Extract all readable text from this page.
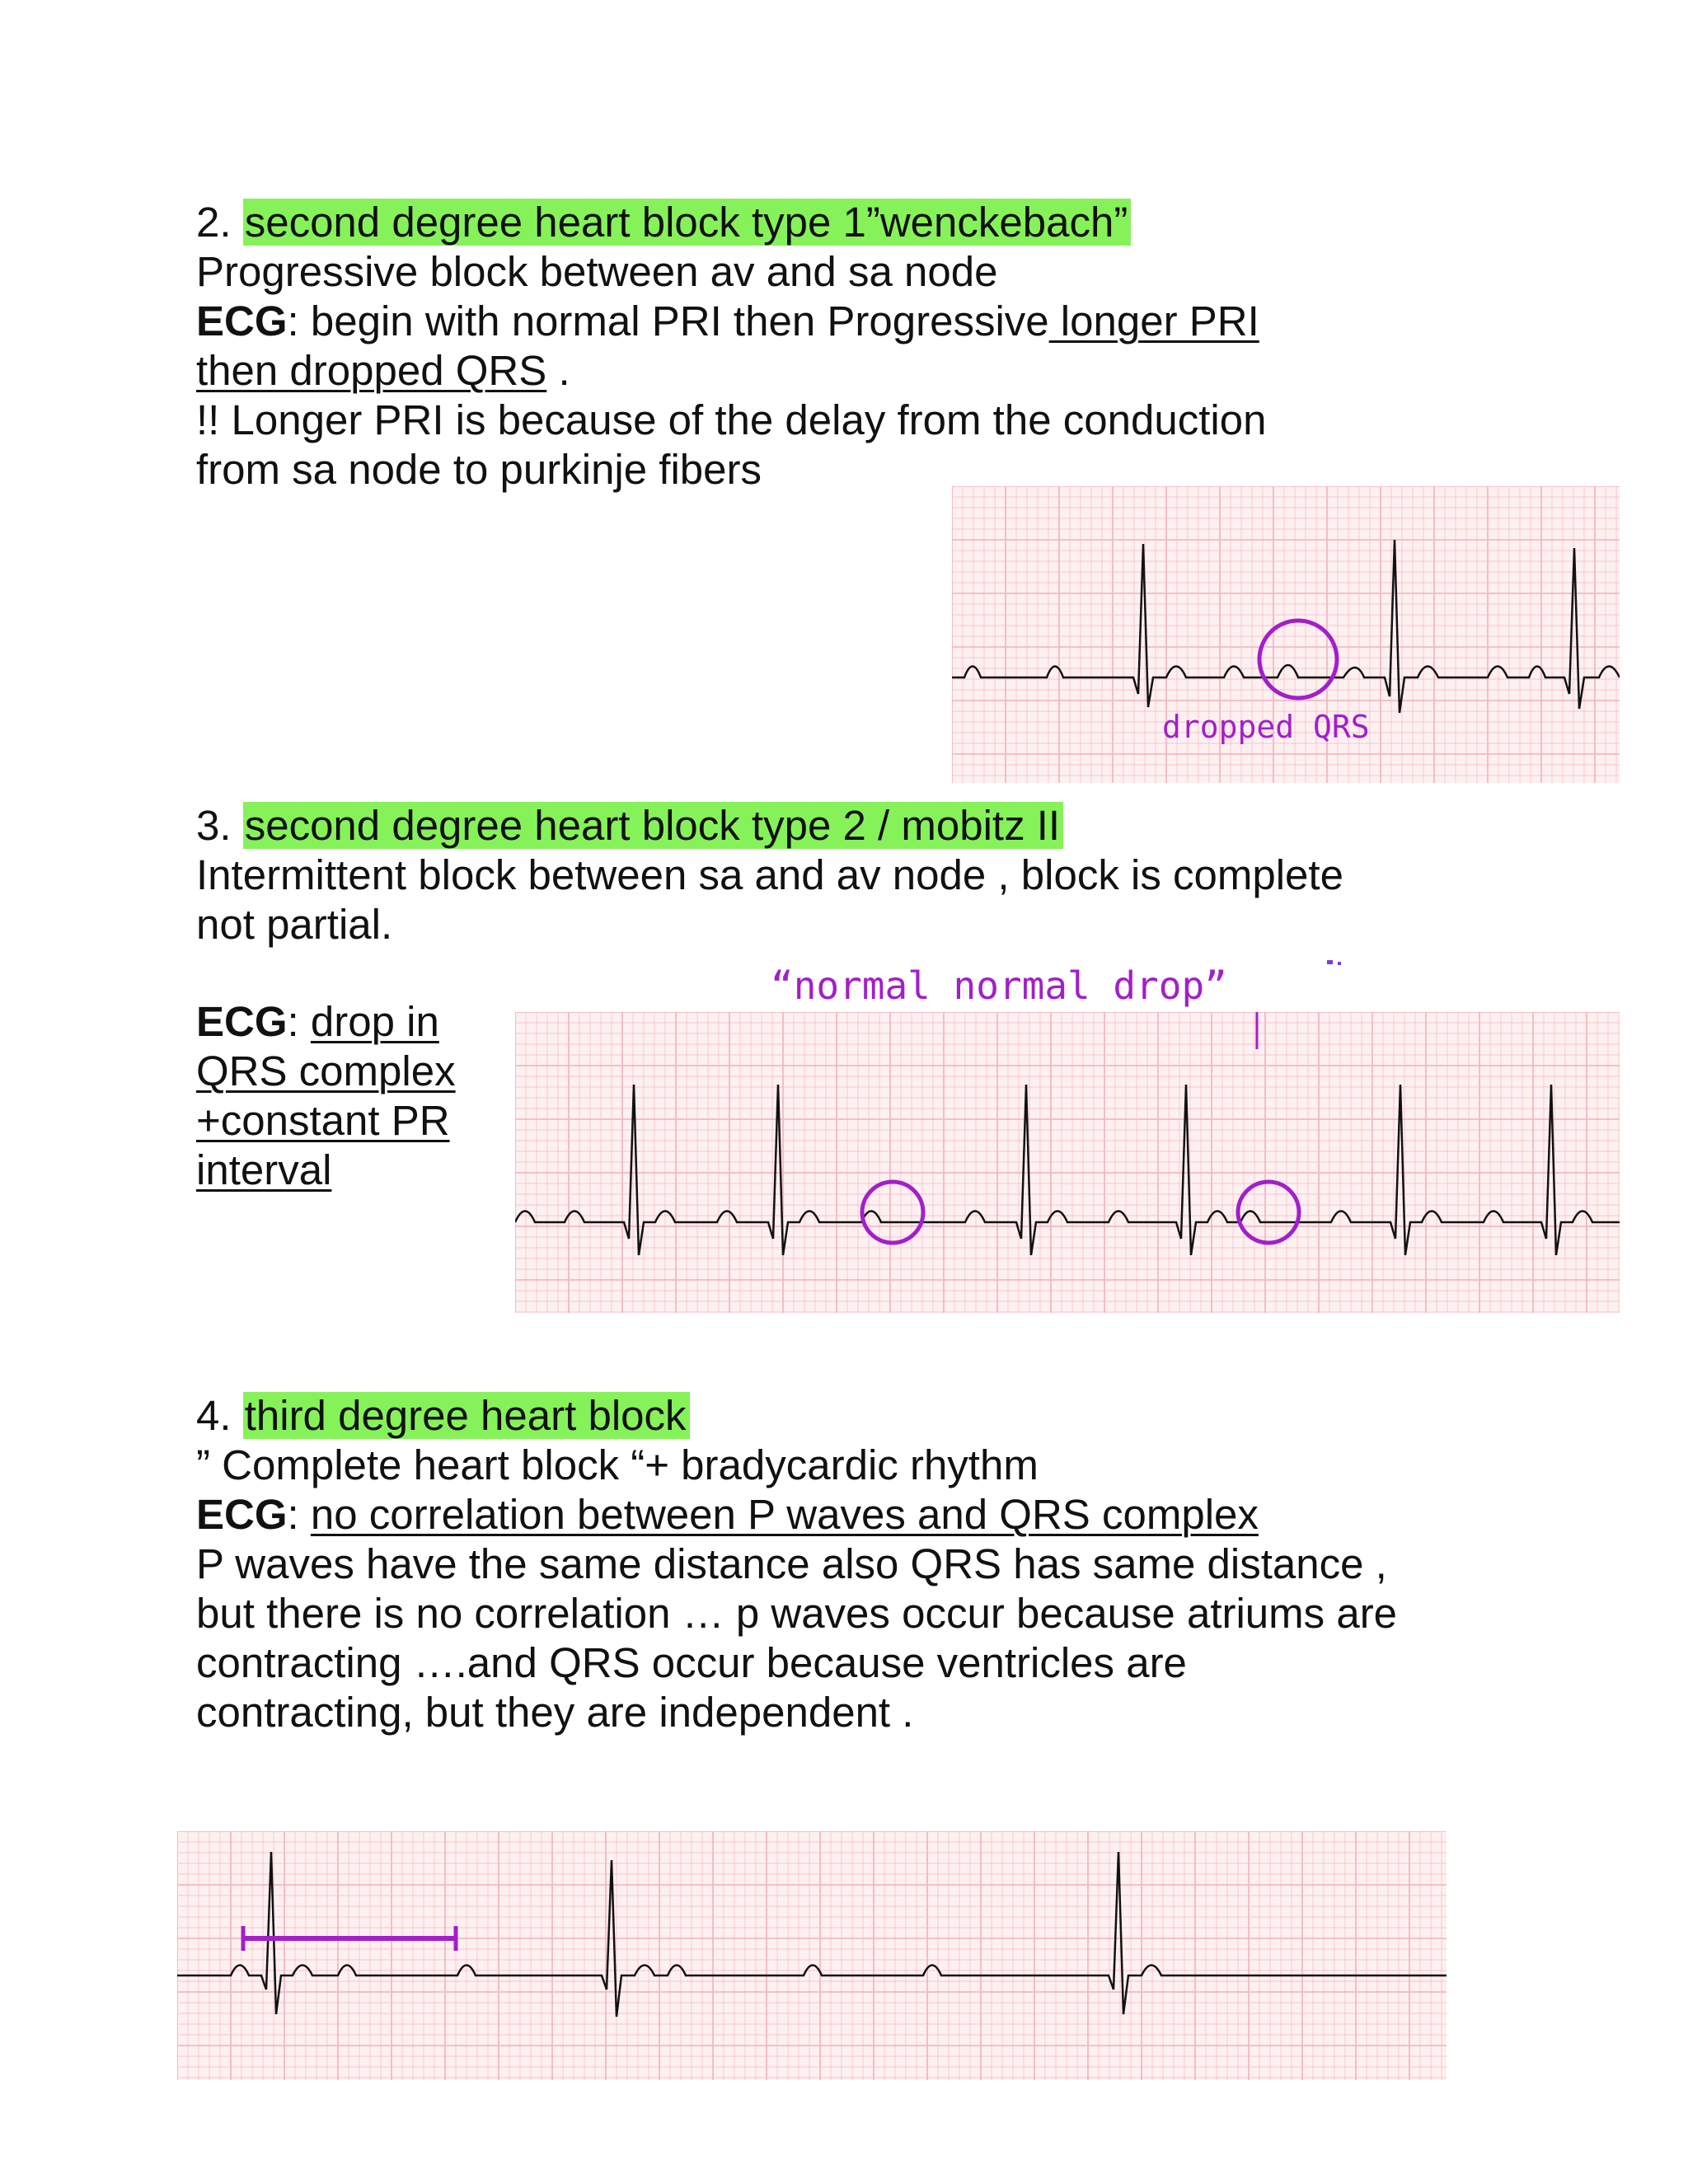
2. second degree heart block type 1”wenckebach”

Progressive block between av and sa node

ECG: begin with normal PRI then Progressive longer PRI

then dropped QRS .

!! Longer PRI is because of the delay from the conduction

from sa node to purkinje fibers

dropped QRS

3. second degree heart block type 2 / mobitz II

Intermittent block between sa and av node , block is complete

not partial.

ECG: drop in

QRS complex

+constant PR

interval

“normal normal drop”

4. third degree heart block

” Complete heart block “+ bradycardic rhythm

ECG: no correlation between P waves and QRS complex

P waves have the same distance also QRS has same distance ,

but there is no correlation … p waves occur because atriums are

contracting ….and QRS occur because ventricles are

contracting, but they are independent .
